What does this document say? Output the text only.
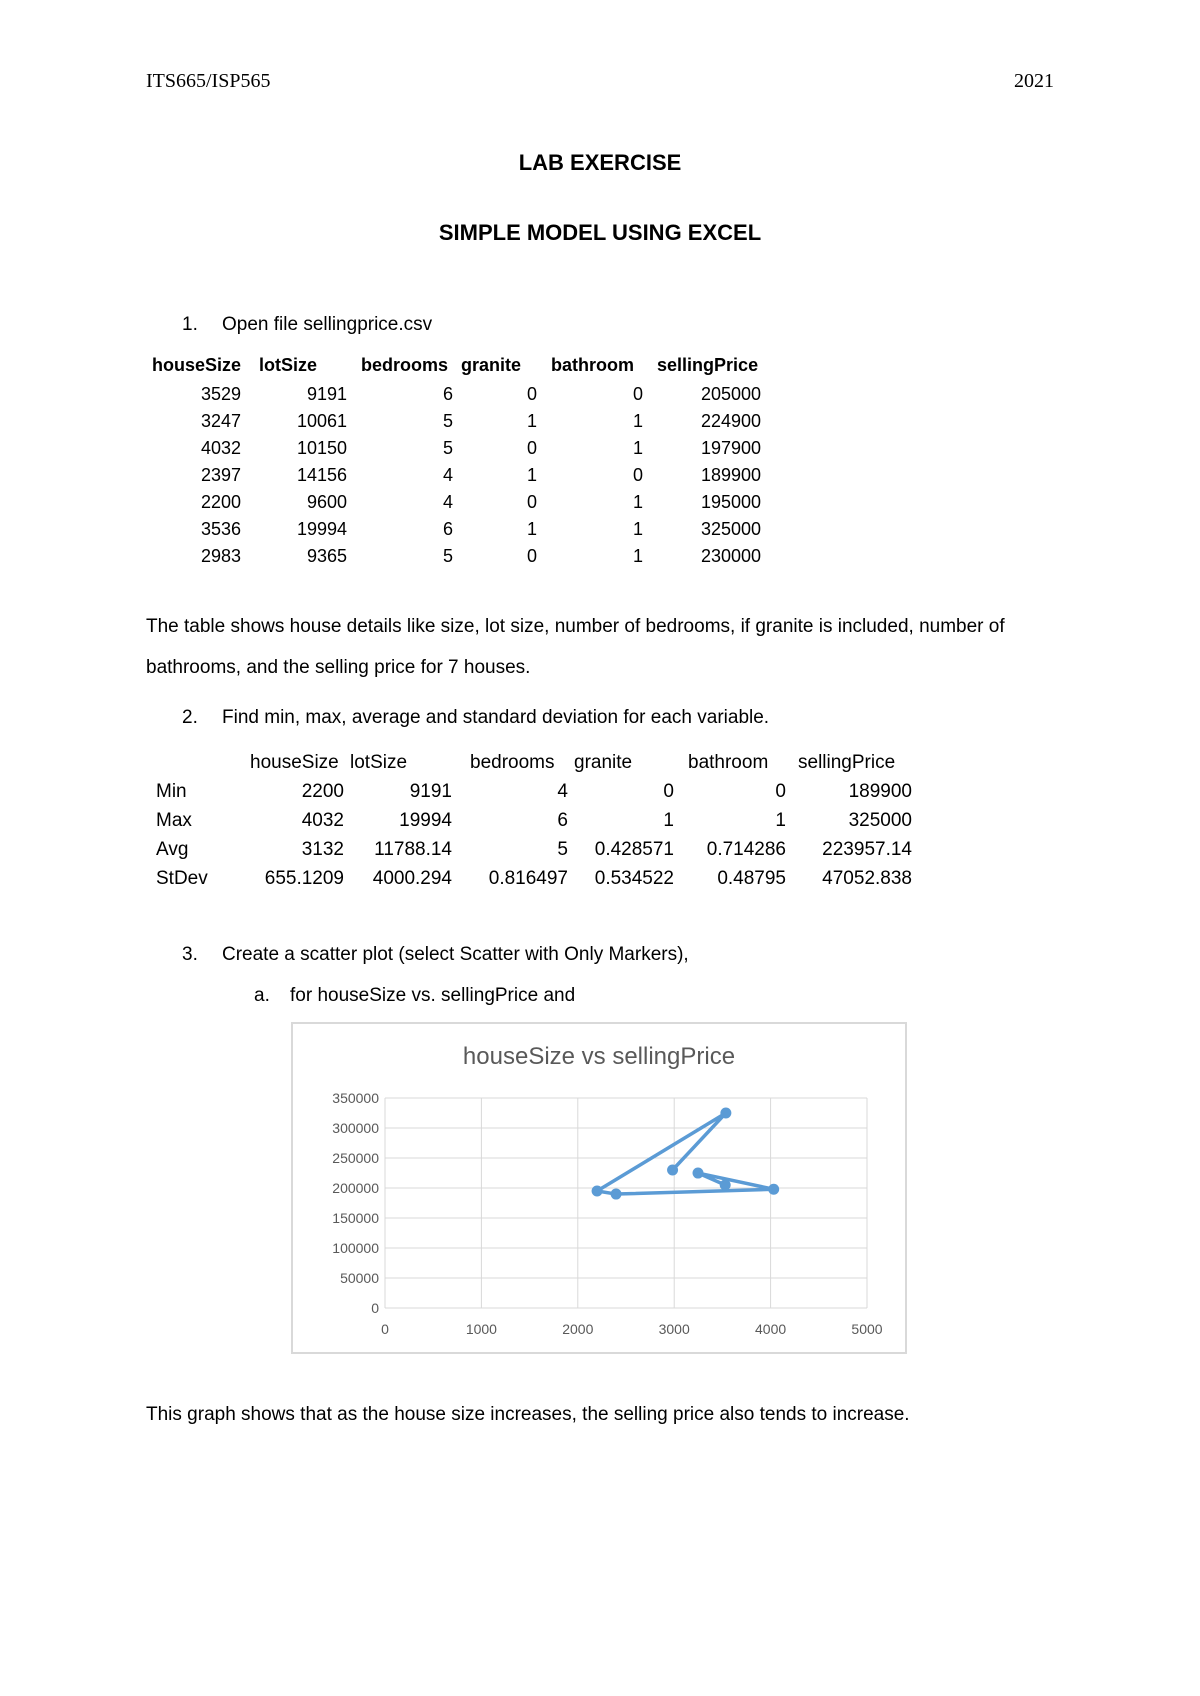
ITS665/ISP565	2021
LAB EXERCISE
SIMPLE MODEL USING EXCEL
1. Open file sellingprice.csv
houseSize	lotSize	bedrooms	granite	bathroom	sellingPrice
3529	9191	6	0	0	205000
3247	10061	5	1	1	224900
4032	10150	5	0	1	197900
2397	14156	4	1	0	189900
2200	9600	4	0	1	195000
3536	19994	6	1	1	325000
2983	9365	5	0	1	230000
The table shows house details like size, lot size, number of bedrooms, if granite is included, number of bathrooms, and the selling price for 7 houses.
2. Find min, max, average and standard deviation for each variable.
	houseSize	lotSize	bedrooms	granite	bathroom	sellingPrice
Min	2200	9191	4	0	0	189900
Max	4032	19994	6	1	1	325000
Avg	3132	11788.14	5	0.428571	0.714286	223957.14
StDev	655.1209	4000.294	0.816497	0.534522	0.48795	47052.838
3. Create a scatter plot (select Scatter with Only Markers),
a. for houseSize vs. sellingPrice and
0
50000
100000
150000
200000
250000
300000
350000
0	1000	2000	3000	4000	5000
houseSize vs sellingPrice
This graph shows that as the house size increases, the selling price also tends to increase.
